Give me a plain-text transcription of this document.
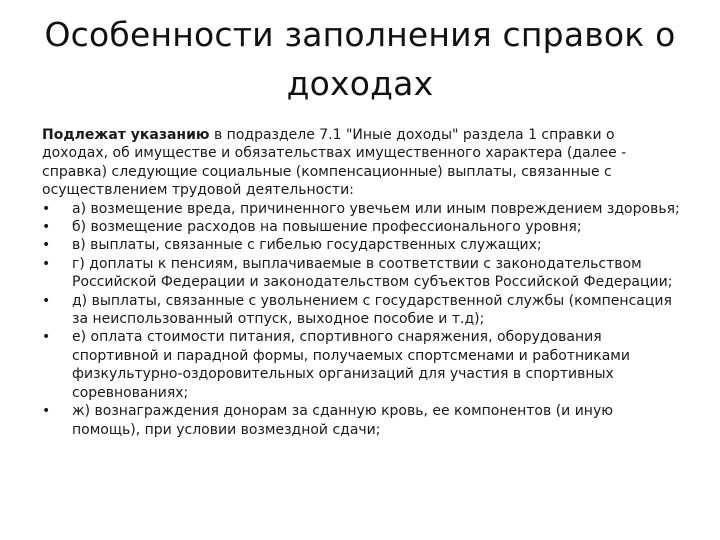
Особенности заполнения справок о доходах

Подлежат указанию в подразделе 7.1 "Иные доходы" раздела 1 справки о доходах, об имуществе и обязательствах имущественного характера (далее - справка) следующие социальные (компенсационные) выплаты, связанные с осуществлением трудовой деятельности:

•	а) возмещение вреда, причиненного увечьем или иным повреждением здоровья;
•	б) возмещение расходов на повышение профессионального уровня;
•	в) выплаты, связанные с гибелью государственных служащих;
•	г) доплаты к пенсиям, выплачиваемые в соответствии с законодательством Российской Федерации и законодательством субъектов Российской Федерации;
•	д) выплаты, связанные с увольнением с государственной службы (компенсация за неиспользованный отпуск, выходное пособие и т.д);
•	е) оплата стоимости питания, спортивного снаряжения, оборудования спортивной и парадной формы, получаемых спортсменами и работниками физкультурно-оздоровительных организаций для участия в спортивных соревнованиях;
•	ж) вознаграждения донорам за сданную кровь, ее компонентов (и иную помощь), при условии возмездной сдачи;
